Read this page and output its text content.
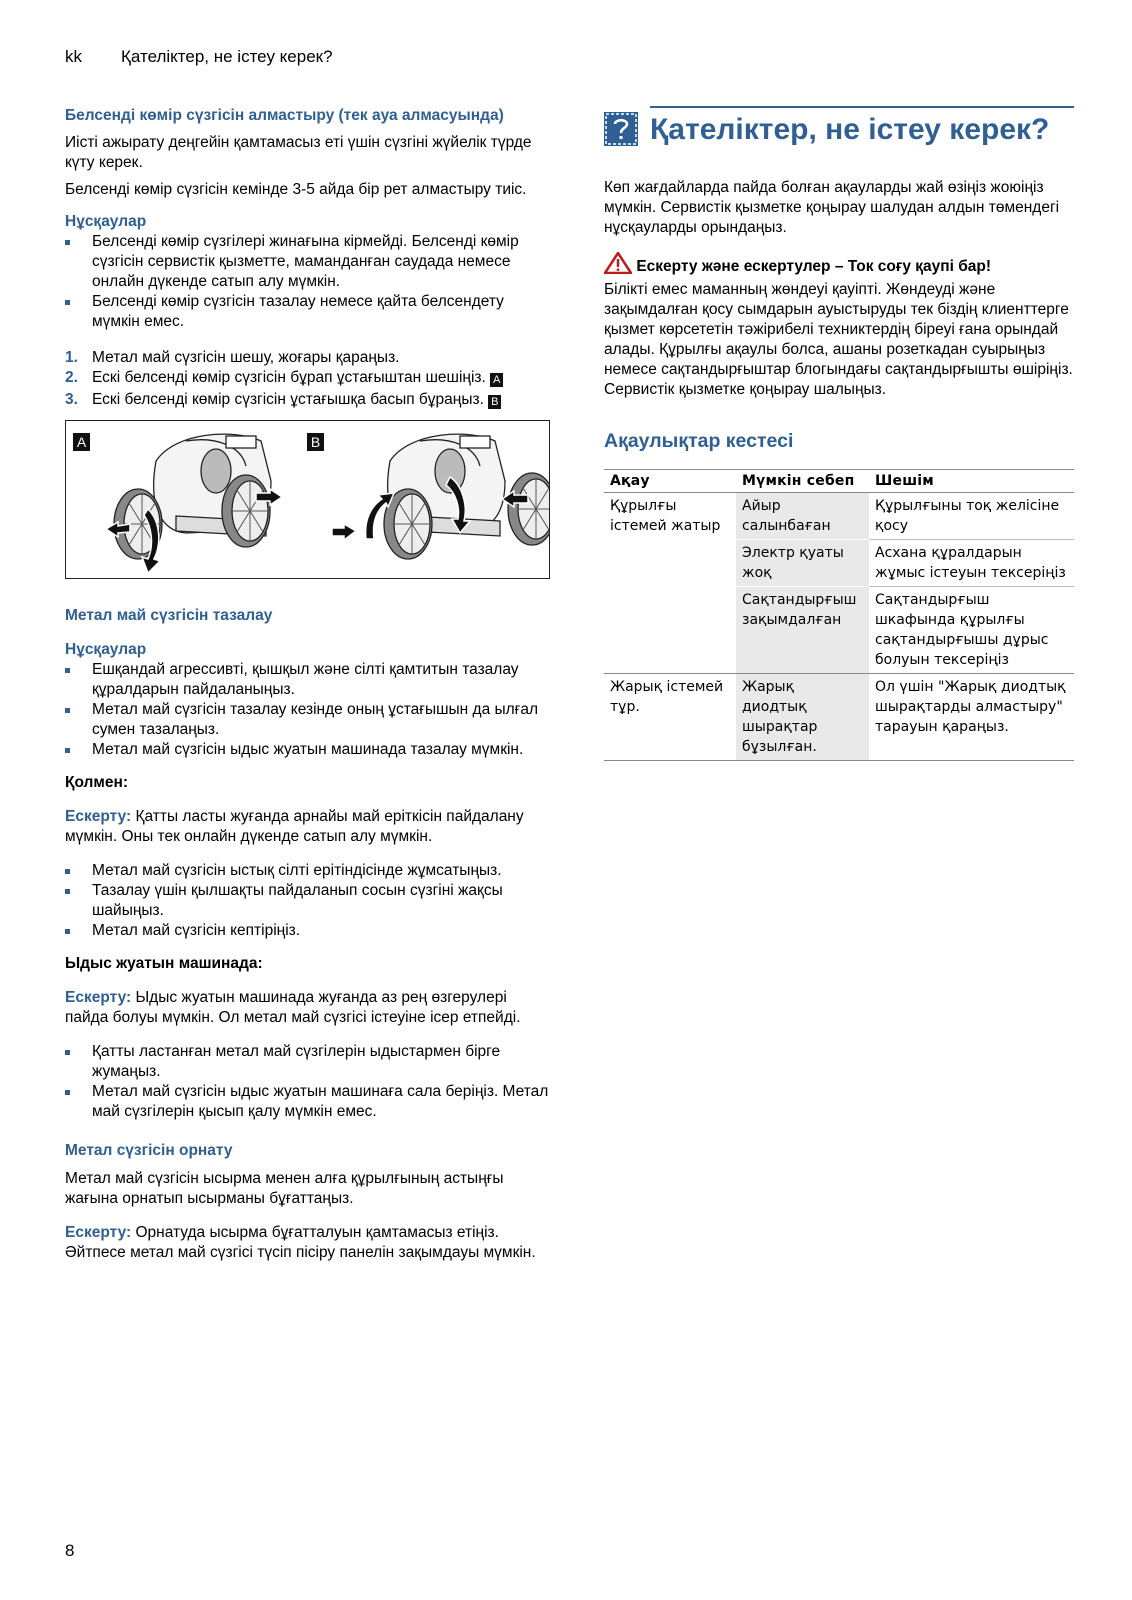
kk Қателіктер, не істеу керек?
Белсенді көмір сүзгісін алмастыру (тек ауа алмасуында)

Иісті ажырату деңгейін қамтамасыз еті үшін сүзгіні жүйелік түрде күту керек.

Белсенді көмір сүзгісін кемінде 3-5 айда бір рет алмастыру тиіс.

Нұсқаулар
Белсенді көмір сүзгілері жинағына кірмейді. Белсенді көмір сүзгісін сервистік қызметте, маманданған саудада немесе онлайн дүкенде сатып алу мүмкін.
Белсенді көмір сүзгісін тазалау немесе қайта белсендету мүмкін емес.
1. Метал май сүзгісін шешу, жоғары қараңыз.
2. Ескі белсенді көмір сүзгісін бұрап ұстағыштан шешіңіз. A
3. Ескі белсенді көмір сүзгісін ұстағышқа басып бұраңыз. B
A	B
Метал май сүзгісін тазалау
Нұсқаулар
Ешқандай агрессивті, қышқыл және сілті қамтитын тазалау құралдарын пайдаланыңыз.
Метал май сүзгісін тазалау кезінде оның ұстағышын да ылғал сумен тазалаңыз.
Метал май сүзгісін ыдыс жуатын машинада тазалау мүмкін.

Қолмен:

Ескерту: Қатты ласты жуғанда арнайы май еріткісін пайдалану мүмкін. Оны тек онлайн дүкенде сатып алу мүмкін.

Метал май сүзгісін ыстық сілті ерітіндісінде жұмсатыңыз.
Тазалау үшін қылшақты пайдаланып сосын сүзгіні жақсы шайыңыз.
Метал май сүзгісін кептіріңіз.

Ыдыс жуатын машинада:

Ескерту: Ыдыс жуатын машинада жуғанда аз рең өзгерулері пайда болуы мүмкін. Ол метал май сүзгісі істеуіне ісер етпейді.

Қатты ластанған метал май сүзгілерін ыдыстармен бірге жумаңыз.
Метал май сүзгісін ыдыс жуатын машинаға сала беріңіз. Метал май сүзгілерін қысып қалу мүмкін емес.
Метал сүзгісін орнату

Метал май сүзгісін ысырма менен алға құрылғының астыңғы жағына орнатып ысырманы бұғаттаңыз.

Ескерту: Орнатуда ысырма бұғатталуын қамтамасыз етіңіз. Әйтпесе метал май сүзгісі түсіп пісіру панелін зақымдауы мүмкін.

Қателіктер, не істеу керек?

Көп жағдайларда пайда болған ақауларды жай өзіңіз жоюіңіз мүмкін. Сервистік қызметке қоңырау шалудан алдын төмендегі нұсқауларды орындаңыз.

Ескерту және ескертулер – Ток соғу қаупі бар!

Білікті емес маманның жөндеуі қауіпті. Жөндеуді және зақымдалған қосу сымдарын ауыстыруды тек біздің клиенттерге қызмет көрсететін тәжірибелі техниктердің біреуі ғана орындай алады. Құрылғы ақаулы болса, ашаны розеткадан суырыңыз немесе сақтандырғыштар блогындағы сақтандырғышты өшіріңіз. Сервистік қызметке қоңырау шалыңыз.

Ақаулықтар кестесі
Ақау	Мүмкін себеп	Шешім
Құрылғы істемей жатыр	Айыр салынбаған	Құрылғыны тоқ желісіне қосу
	Электр қуаты жоқ	Асхана құралдарын жұмыс істеуын тексеріңіз
	Сақтандырғыш зақымдалған	Сақтандырғыш шкафында құрылғы сақтандырғышы дұрыс болуын тексеріңіз
Жарық істемей тұр.	Жарық диодтық шырақтар бұзылған.	Ол үшін "Жарық диодтық шырақтарды алмастыру" тарауын қараңыз.
8
